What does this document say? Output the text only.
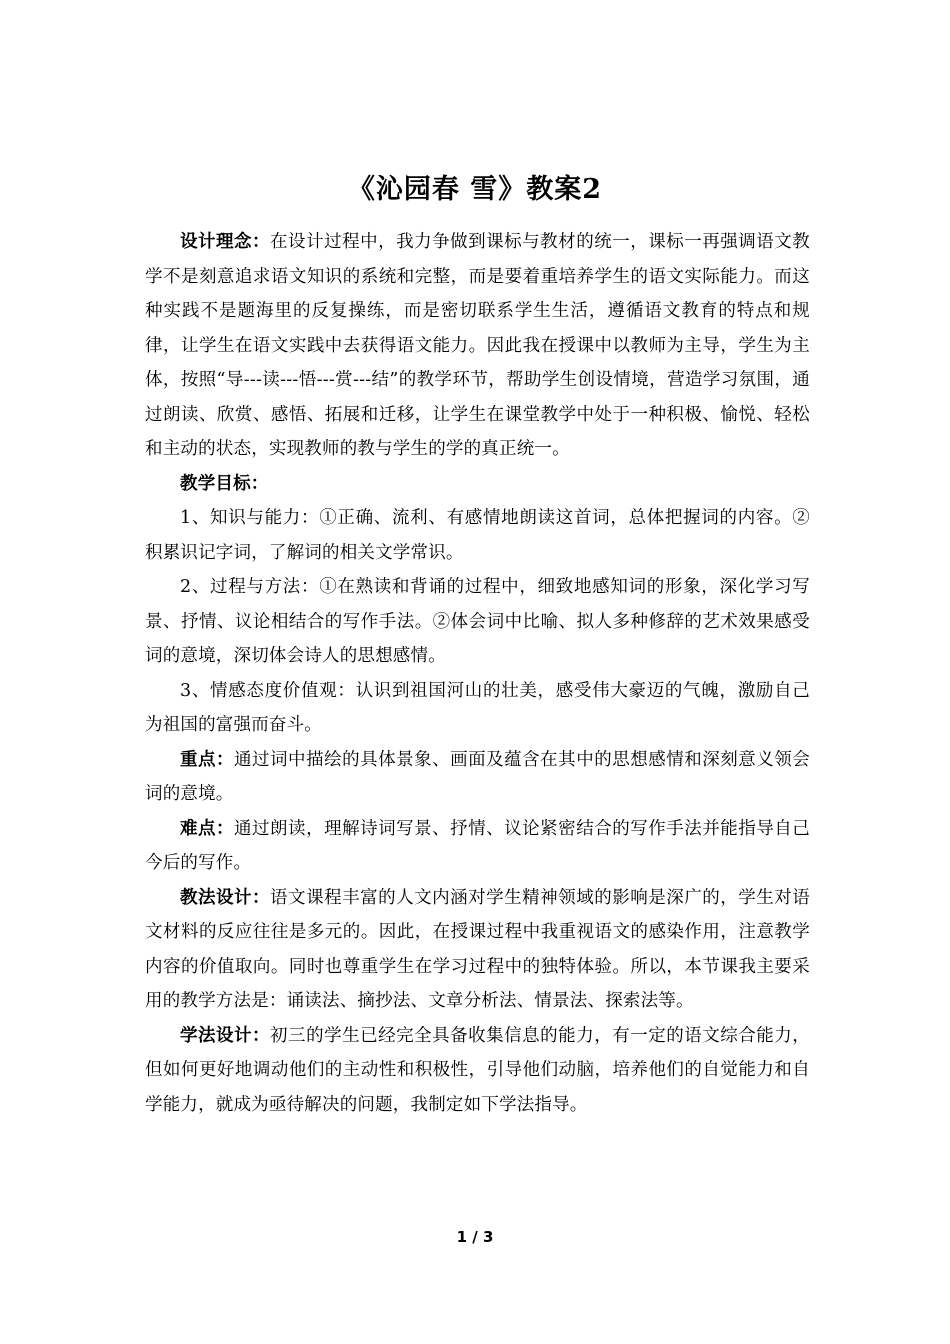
《沁园春 雪》教案2

设计理念：在设计过程中，我力争做到课标与教材的统一，课标一再强调语文教学不是刻意追求语文知识的系统和完整，而是要着重培养学生的语文实际能力。而这种实践不是题海里的反复操练，而是密切联系学生生活，遵循语文教育的特点和规律，让学生在语文实践中去获得语文能力。因此我在授课中以教师为主导，学生为主体，按照“导---读---悟---赏---结”的教学环节，帮助学生创设情境，营造学习氛围，通过朗读、欣赏、感悟、拓展和迁移，让学生在课堂教学中处于一种积极、愉悦、轻松和主动的状态，实现教师的教与学生的学的真正统一。

教学目标：

1、知识与能力：①正确、流利、有感情地朗读这首词，总体把握词的内容。②积累识记字词，了解词的相关文学常识。

2、过程与方法：①在熟读和背诵的过程中，细致地感知词的形象，深化学习写景、抒情、议论相结合的写作手法。②体会词中比喻、拟人多种修辞的艺术效果感受词的意境，深切体会诗人的思想感情。

3、情感态度价值观：认识到祖国河山的壮美，感受伟大豪迈的气魄，激励自己为祖国的富强而奋斗。

重点：通过词中描绘的具体景象、画面及蕴含在其中的思想感情和深刻意义领会词的意境。

难点：通过朗读，理解诗词写景、抒情、议论紧密结合的写作手法并能指导自己今后的写作。

教法设计：语文课程丰富的人文内涵对学生精神领域的影响是深广的，学生对语文材料的反应往往是多元的。因此，在授课过程中我重视语文的感染作用，注意教学内容的价值取向。同时也尊重学生在学习过程中的独特体验。所以，本节课我主要采用的教学方法是：诵读法、摘抄法、文章分析法、情景法、探索法等。

学法设计：初三的学生已经完全具备收集信息的能力，有一定的语文综合能力，但如何更好地调动他们的主动性和积极性，引导他们动脑，培养他们的自觉能力和自学能力，就成为亟待解决的问题，我制定如下学法指导。

1 / 3
